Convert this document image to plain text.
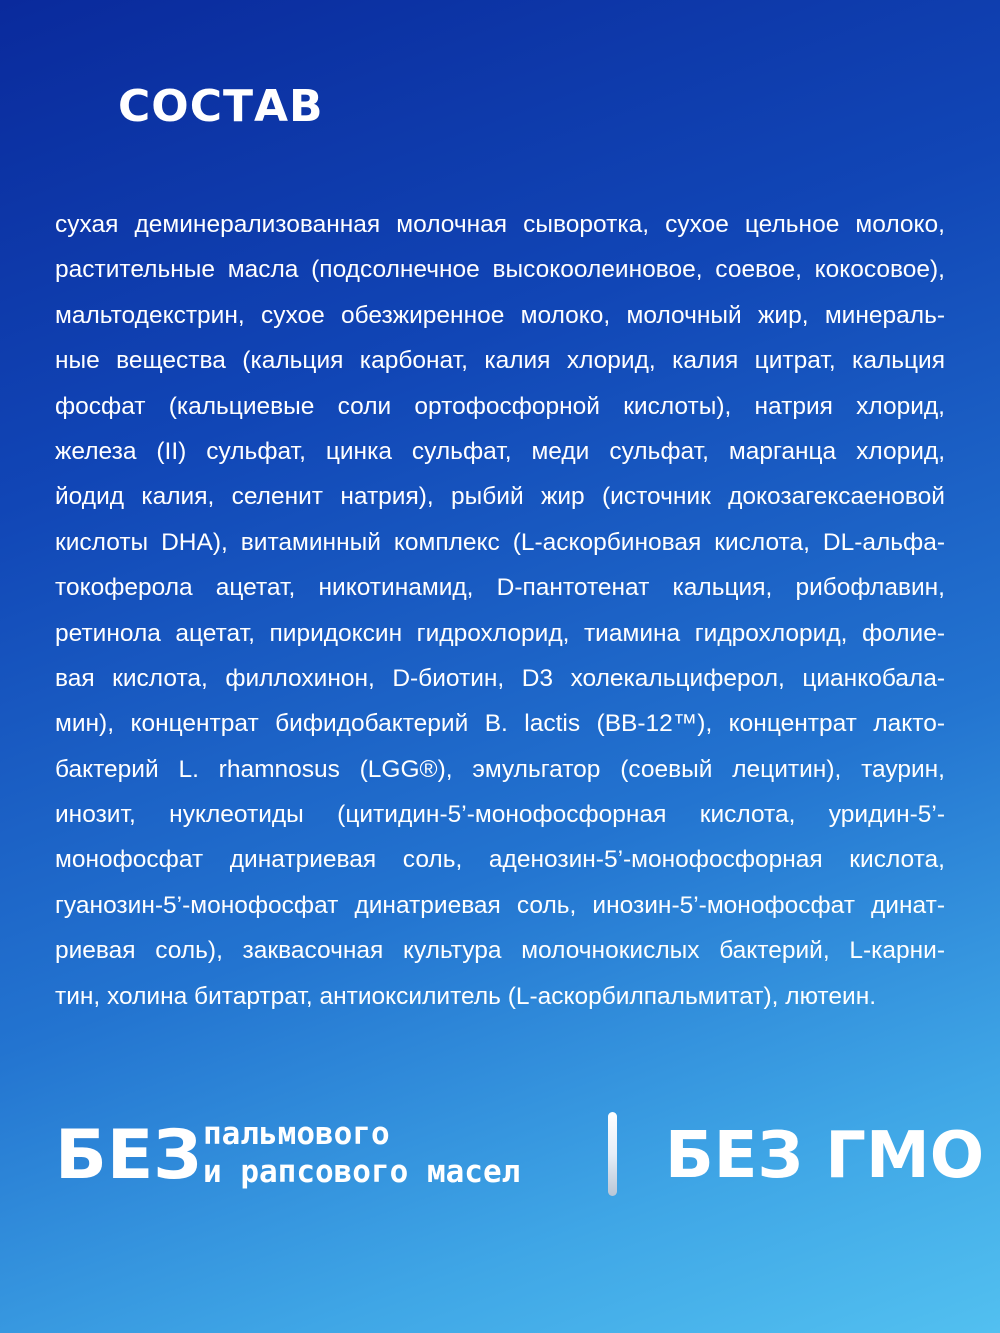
СОСТАВ
сухая деминерализованная молочная сыворотка, сухое цельное молоко,
растительные масла (подсолнечное высокоолеиновое, соевое, кокосовое),
мальтодекстрин, сухое обезжиренное молоко, молочный жир, минераль-
ные вещества (кальция карбонат, калия хлорид, калия цитрат, кальция
фосфат (кальциевые соли ортофосфорной кислоты), натрия хлорид,
железа (II) сульфат, цинка сульфат, меди сульфат, марганца хлорид,
йодид калия, селенит натрия), рыбий жир (источник докозагексаеновой
кислоты DHA), витаминный комплекс (L-аскорбиновая кислота, DL-альфа-
токоферола ацетат, никотинамид, D-пантотенат кальция, рибофлавин,
ретинола ацетат, пиридоксин гидрохлорид, тиамина гидрохлорид, фолие-
вая кислота, филлохинон, D-биотин, D3 холекальциферол, цианкобала-
мин), концентрат бифидобактерий B. lactis (BB-12™), концентрат лакто-
бактерий L. rhamnosus (LGG®), эмульгатор (соевый лецитин), таурин,
инозит, нуклеотиды (цитидин-5’-монофосфорная кислота, уридин-5’-
монофосфат динатриевая соль, аденозин-5’-монофосфорная кислота,
гуанозин-5’-монофосфат динатриевая соль, инозин-5’-монофосфат динат-
риевая соль), заквасочная культура молочнокислых бактерий, L-карни-
тин, холина битартрат, антиоксилитель (L-аскорбилпальмитат), лютеин.
БЕЗ пальмового
и рапсового масел БЕЗ ГМО
